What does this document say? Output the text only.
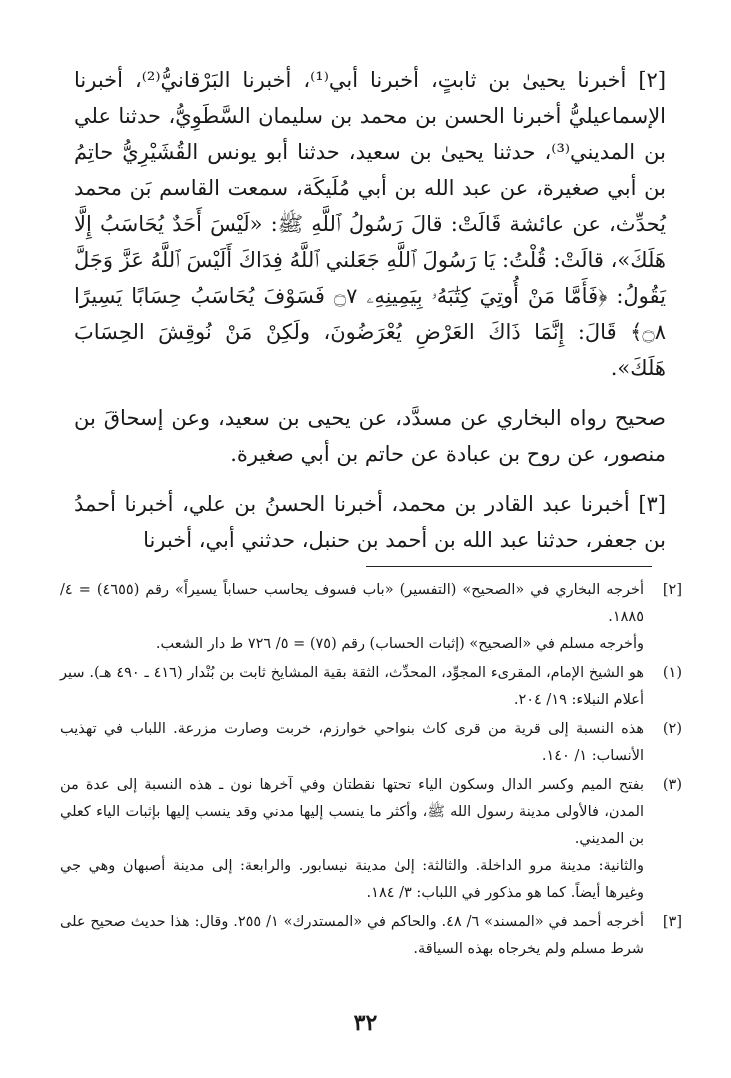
[٢] أخبرنا يحيىٰ بن ثابتٍ، أخبرنا أبي⁽¹⁾، أخبرنا البَرْقانيُّ⁽²⁾، أخبرنا الإسماعيليُّ أخبرنا الحسن بن محمد بن سليمان السَّطَوِيُّ، حدثنا علي بن المديني⁽³⁾، حدثنا يحيىٰ بن سعيد، حدثنا أبو يونس القُشَيْرِيُّ حاتِمُ بن أبي صغيرة، عن عبد الله بن أبي مُلَيكَة، سمعت القاسم بَن محمد يُحدِّث، عن عائشة قَالَتْ: قالَ رَسُولُ ٱللَّهِ ﷺ: «لَيْسَ أَحَدٌ يُحَاسَبُ إِلَّا هَلَكَ»، قالَتْ: قُلْتُ: يَا رَسُولَ ٱللَّهِ جَعَلني ٱللَّهُ فِدَاكَ أَلَيْسَ ٱللَّهُ عَزَّ وَجَلَّ يَقُولُ: ﴿فَأَمَّا مَنْ أُوتِيَ كِتَٰبَهُۥ بِيَمِينِهِۦ ۝٧ فَسَوْفَ يُحَاسَبُ حِسَابًا يَسِيرًا ۝٨﴾ قَالَ: إِنَّمَا ذَاكَ العَرْضِ يُعْرَضُونَ، ولَكِنْ مَنْ نُوقِشَ الحِسَابَ هَلَكَ».

صحيح رواه البخاري عن مسدَّد، عن يحيى بن سعيد، وعن إسحاقَ بن منصور، عن روح بن عبادة عن حاتم بن أبي صغيرة.

[٣] أخبرنا عبد القادر بن محمد، أخبرنا الحسنُ بن علي، أخبرنا أحمدُ بن جعفر، حدثنا عبد الله بن أحمد بن حنبل، حدثني أبي، أخبرنا

[٢]
أخرجه البخاري في «الصحيح» (التفسير) «باب فسوف يحاسب حساباً يسيراً» رقم (٤٦٥٥) = ٤/ ١٨٨٥.
وأخرجه مسلم في «الصحيح» (إثبات الحساب) رقم (٧٥) = ٥/ ٧٢٦ ط دار الشعب.
(١)
هو الشيخ الإمام، المقرىء المجوِّد، المحدِّث، الثقة بقية المشايخ ثابت بن بُنْدار (٤١٦ ـ ٤٩٠ هـ). سير أعلام النبلاء: ١٩/ ٢٠٤.
(٢)
هذه النسبة إلى قرية من قرى كاث بنواحي خوارزم، خربت وصارت مزرعة. اللباب في تهذيب الأنساب: ١/ ١٤٠.
(٣)
بفتح الميم وكسر الدال وسكون الياء تحتها نقطتان وفي آخرها نون ـ هذه النسبة إلى عدة من المدن، فالأولى مدينة رسول الله ﷺ، وأكثر ما ينسب إليها مدني وقد ينسب إليها بإثبات الياء كعلي بن المديني.
والثانية: مدينة مرو الداخلة. والثالثة: إلىٰ مدينة نيسابور. والرابعة: إلى مدينة أصبهان وهي جي وغيرها أيضاً. كما هو مذكور في اللباب: ٣/ ١٨٤.
[٣]
أخرجه أحمد في «المسند» ٦/ ٤٨. والحاكم في «المستدرك» ١/ ٢٥٥. وقال: هذا حديث صحيح على شرط مسلم ولم يخرجاه بهذه السياقة.
٣٢
